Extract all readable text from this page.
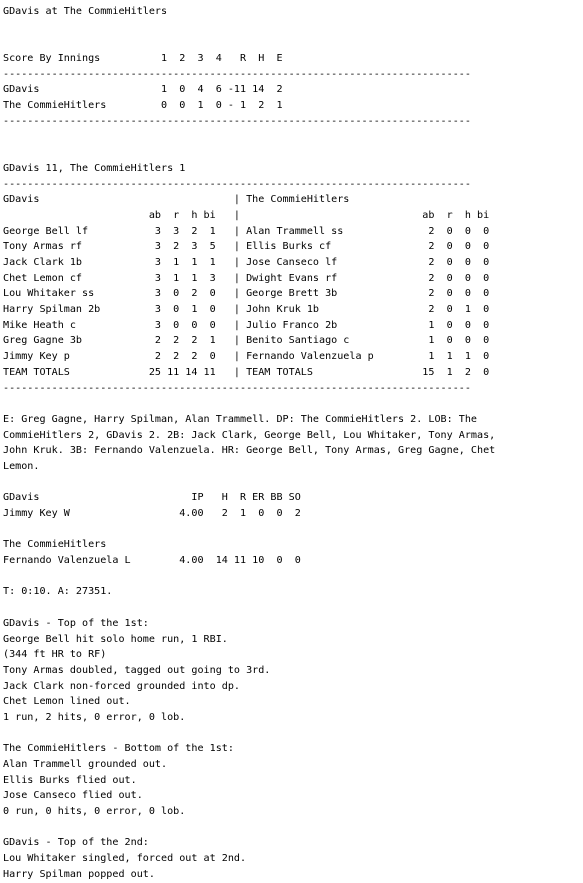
GDavis at The CommieHitlers
Score By Innings          1  2  3  4   R  H  E
-----------------------------------------------------------------------------
GDavis                    1  0  4  6 -11 14  2
The CommieHitlers         0  0  1  0 - 1  2  1
-----------------------------------------------------------------------------
GDavis 11, The CommieHitlers 1
-----------------------------------------------------------------------------
GDavis                                | The CommieHitlers
ab  r  h bi   |                              ab  r  h bi
George Bell lf           3  3  2  1   | Alan Trammell ss              2  0  0  0
Tony Armas rf            3  2  3  5   | Ellis Burks cf                2  0  0  0
Jack Clark 1b            3  1  1  1   | Jose Canseco lf               2  0  0  0
Chet Lemon cf            3  1  1  3   | Dwight Evans rf               2  0  0  0
Lou Whitaker ss          3  0  2  0   | George Brett 3b               2  0  0  0
Harry Spilman 2b         3  0  1  0   | John Kruk 1b                  2  0  1  0
Mike Heath c             3  0  0  0   | Julio Franco 2b               1  0  0  0
Greg Gagne 3b            2  2  2  1   | Benito Santiago c             1  0  0  0
Jimmy Key p              2  2  2  0   | Fernando Valenzuela p         1  1  1  0
TEAM TOTALS             25 11 14 11   | TEAM TOTALS                  15  1  2  0
-----------------------------------------------------------------------------
E: Greg Gagne, Harry Spilman, Alan Trammell. DP: The CommieHitlers 2. LOB: The
CommieHitlers 2, GDavis 2. 2B: Jack Clark, George Bell, Lou Whitaker, Tony Armas,
John Kruk. 3B: Fernando Valenzuela. HR: George Bell, Tony Armas, Greg Gagne, Chet
Lemon.
GDavis                         IP   H  R ER BB SO
Jimmy Key W                  4.00   2  1  0  0  2
The CommieHitlers
Fernando Valenzuela L        4.00  14 11 10  0  0
T: 0:10. A: 27351.
GDavis - Top of the 1st:
George Bell hit solo home run, 1 RBI.
(344 ft HR to RF)
Tony Armas doubled, tagged out going to 3rd.
Jack Clark non-forced grounded into dp.
Chet Lemon lined out.
1 run, 2 hits, 0 error, 0 lob.
The CommieHitlers - Bottom of the 1st:
Alan Trammell grounded out.
Ellis Burks flied out.
Jose Canseco flied out.
0 run, 0 hits, 0 error, 0 lob.
GDavis - Top of the 2nd:
Lou Whitaker singled, forced out at 2nd.
Harry Spilman popped out.
